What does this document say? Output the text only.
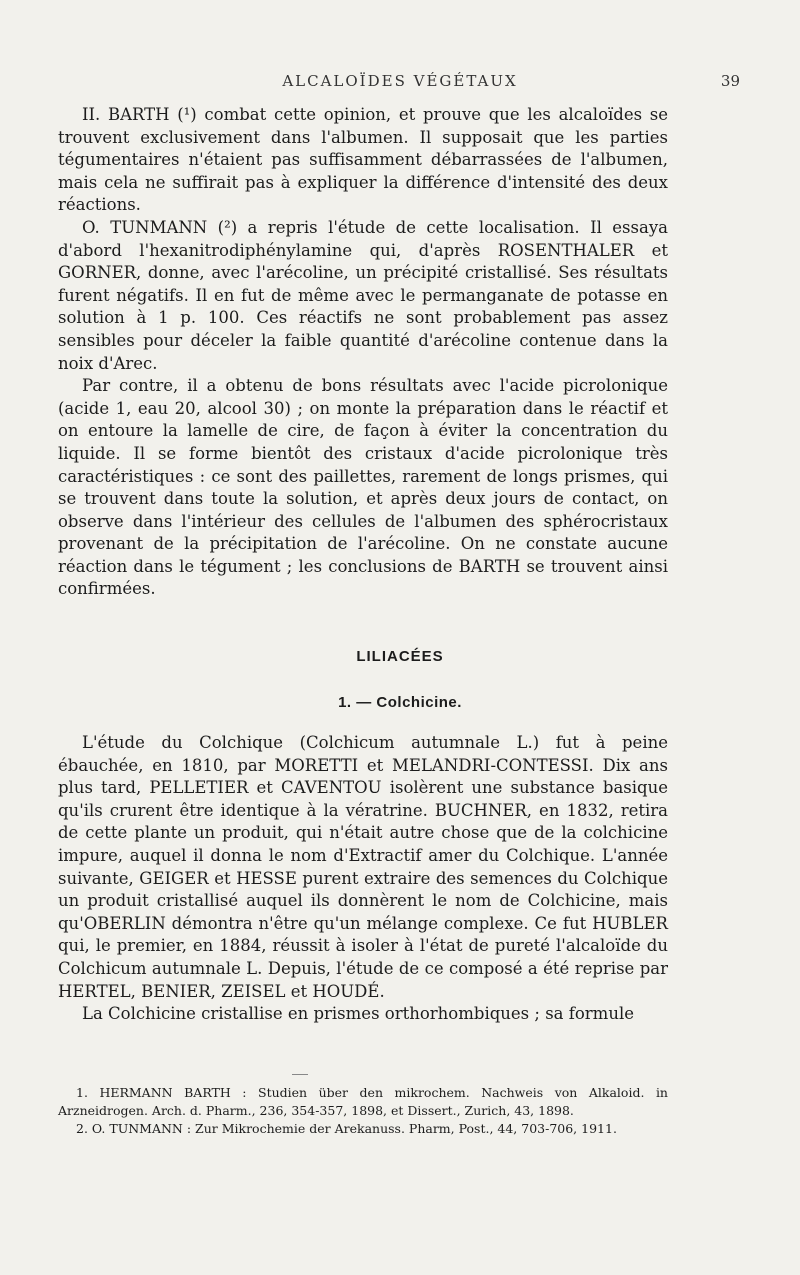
ALCALOÏDES VÉGÉTAUX	39

II. BARTH (¹) combat cette opinion, et prouve que les alcaloïdes se trouvent exclusivement dans l'albumen. Il supposait que les parties tégumentaires n'étaient pas suffisamment débarrassées de l'albumen, mais cela ne suffirait pas à expliquer la différence d'intensité des deux réactions.

O. TUNMANN (²) a repris l'étude de cette localisation. Il essaya d'abord l'hexanitrodiphénylamine qui, d'après ROSENTHALER et GORNER, donne, avec l'arécoline, un précipité cristallisé. Ses résultats furent négatifs. Il en fut de même avec le permanganate de potasse en solution à 1 p. 100. Ces réactifs ne sont probablement pas assez sensibles pour déceler la faible quantité d'arécoline contenue dans la noix d'Arec.

Par contre, il a obtenu de bons résultats avec l'acide picrolonique (acide 1, eau 20, alcool 30) ; on monte la préparation dans le réactif et on entoure la lamelle de cire, de façon à éviter la concentration du liquide. Il se forme bientôt des cristaux d'acide picrolonique très caractéristiques : ce sont des paillettes, rarement de longs prismes, qui se trouvent dans toute la solution, et après deux jours de contact, on observe dans l'intérieur des cellules de l'albumen des sphérocristaux provenant de la précipitation de l'arécoline. On ne constate aucune réaction dans le tégument ; les conclusions de BARTH se trouvent ainsi confirmées.

LILIACÉES
1. — Colchicine.

L'étude du Colchique (Colchicum autumnale L.) fut à peine ébauchée, en 1810, par MORETTI et MELANDRI-CONTESSI. Dix ans plus tard, PELLETIER et CAVENTOU isolèrent une substance basique qu'ils crurent être identique à la vératrine. BUCHNER, en 1832, retira de cette plante un produit, qui n'était autre chose que de la colchicine impure, auquel il donna le nom d'Extractif amer du Colchique. L'année suivante, GEIGER et HESSE purent extraire des semences du Colchique un produit cristallisé auquel ils donnèrent le nom de Colchicine, mais qu'OBERLIN démontra n'être qu'un mélange complexe. Ce fut HUBLER qui, le premier, en 1884, réussit à isoler à l'état de pureté l'alcaloïde du Colchicum autumnale L. Depuis, l'étude de ce composé a été reprise par HERTEL, BENIER, ZEISEL et HOUDÉ.

La Colchicine cristallise en prismes orthorhombiques ; sa formule

1. HERMANN BARTH : Studien über den mikrochem. Nachweis von Alkaloid. in Arzneidrogen. Arch. d. Pharm., 236, 354-357, 1898, et Dissert., Zurich, 43, 1898.

2. O. TUNMANN : Zur Mikrochemie der Arekanuss. Pharm, Post., 44, 703-706, 1911.
